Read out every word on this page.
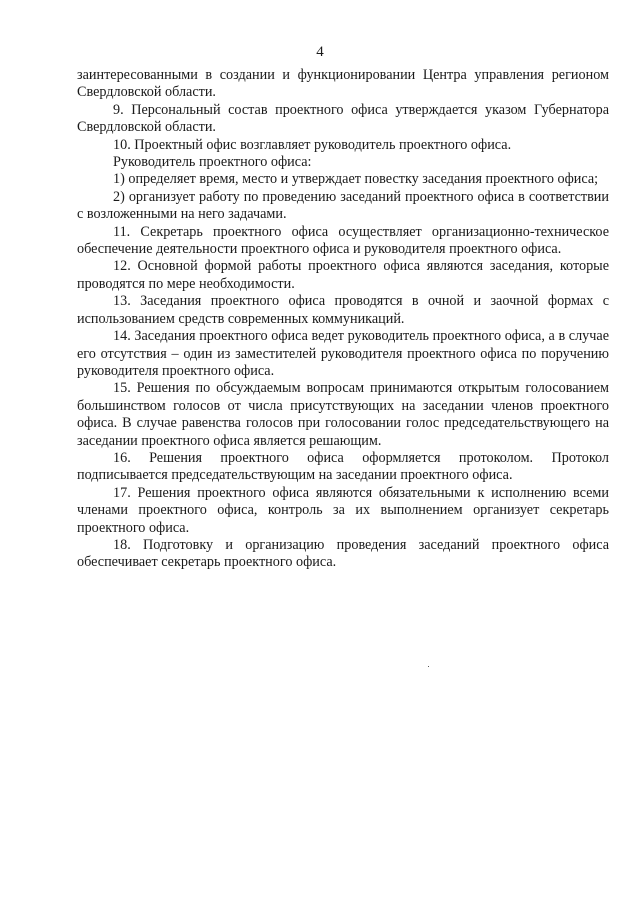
4

заинтересованными в создании и функционировании Центра управления регионом Свердловской области.

9. Персональный состав проектного офиса утверждается указом Губернатора Свердловской области.

10. Проектный офис возглавляет руководитель проектного офиса.

Руководитель проектного офиса:

1) определяет время, место и утверждает повестку заседания проектного офиса;

2) организует работу по проведению заседаний проектного офиса в соответствии с возложенными на него задачами.

11. Секретарь проектного офиса осуществляет организационно-техническое обеспечение деятельности проектного офиса и руководителя проектного офиса.

12. Основной формой работы проектного офиса являются заседания, которые проводятся по мере необходимости.

13. Заседания проектного офиса проводятся в очной и заочной формах с использованием средств современных коммуникаций.

14. Заседания проектного офиса ведет руководитель проектного офиса, а в случае его отсутствия – один из заместителей руководителя проектного офиса по поручению руководителя проектного офиса.

15. Решения по обсуждаемым вопросам принимаются открытым голосованием большинством голосов от числа присутствующих на заседании членов проектного офиса. В случае равенства голосов при голосовании голос председательствующего на заседании проектного офиса является решающим.

16. Решения проектного офиса оформляется протоколом. Протокол подписывается председательствующим на заседании проектного офиса.

17. Решения проектного офиса являются обязательными к исполнению всеми членами проектного офиса, контроль за их выполнением организует секретарь проектного офиса.

18. Подготовку и организацию проведения заседаний проектного офиса обеспечивает секретарь проектного офиса.
